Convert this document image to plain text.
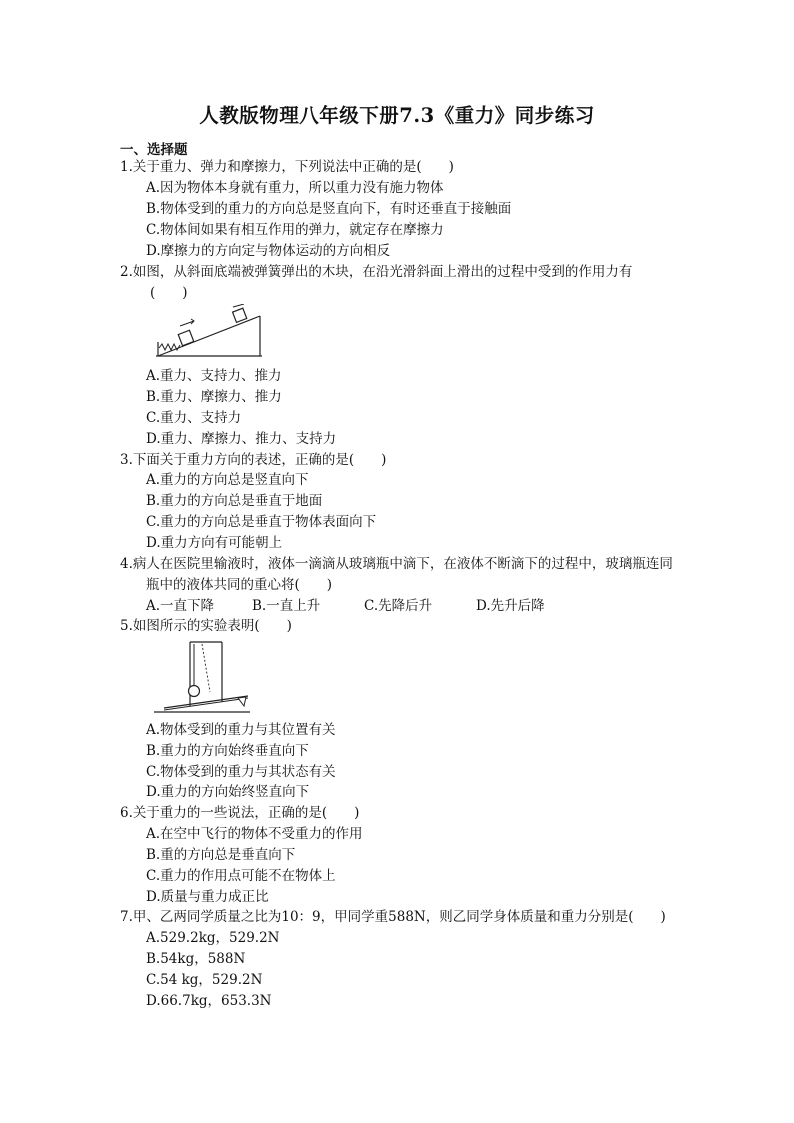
人教版物理八年级下册7.3《重力》同步练习
一、选择题
1.关于重力、弹力和摩擦力，下列说法中正确的是(　　)
A.因为物体本身就有重力，所以重力没有施力物体
B.物体受到的重力的方向总是竖直向下，有时还垂直于接触面
C.物体间如果有相互作用的弹力，就定存在摩擦力
D.摩擦力的方向定与物体运动的方向相反
2.如图，从斜面底端被弹簧弹出的木块，在沿光滑斜面上滑出的过程中受到的作用力有
(　　)
A.重力、支持力、推力
B.重力、摩擦力、推力
C.重力、支持力
D.重力、摩擦力、推力、支持力
3.下面关于重力方向的表述，正确的是(　　)
A.重力的方向总是竖直向下
B.重力的方向总是垂直于地面
C.重力的方向总是垂直于物体表面向下
D.重力方向有可能朝上
4.病人在医院里输液时，液体一滴滴从玻璃瓶中滴下，在液体不断滴下的过程中，玻璃瓶连同
瓶中的液体共同的重心将(　　)
A.一直下降	B.一直上升	C.先降后升	D.先升后降
5.如图所示的实验表明(　　)
A.物体受到的重力与其位置有关
B.重力的方向始终垂直向下
C.物体受到的重力与其状态有关
D.重力的方向始终竖直向下
6.关于重力的一些说法，正确的是(　　)
A.在空中飞行的物体不受重力的作用
B.重的方向总是垂直向下
C.重力的作用点可能不在物体上
D.质量与重力成正比
7.甲、乙两同学质量之比为10：9，甲同学重588N，则乙同学身体质量和重力分别是(　　)
A.529.2kg，529.2N
B.54kg，588N
C.54 kg，529.2N
D.66.7kg，653.3N
